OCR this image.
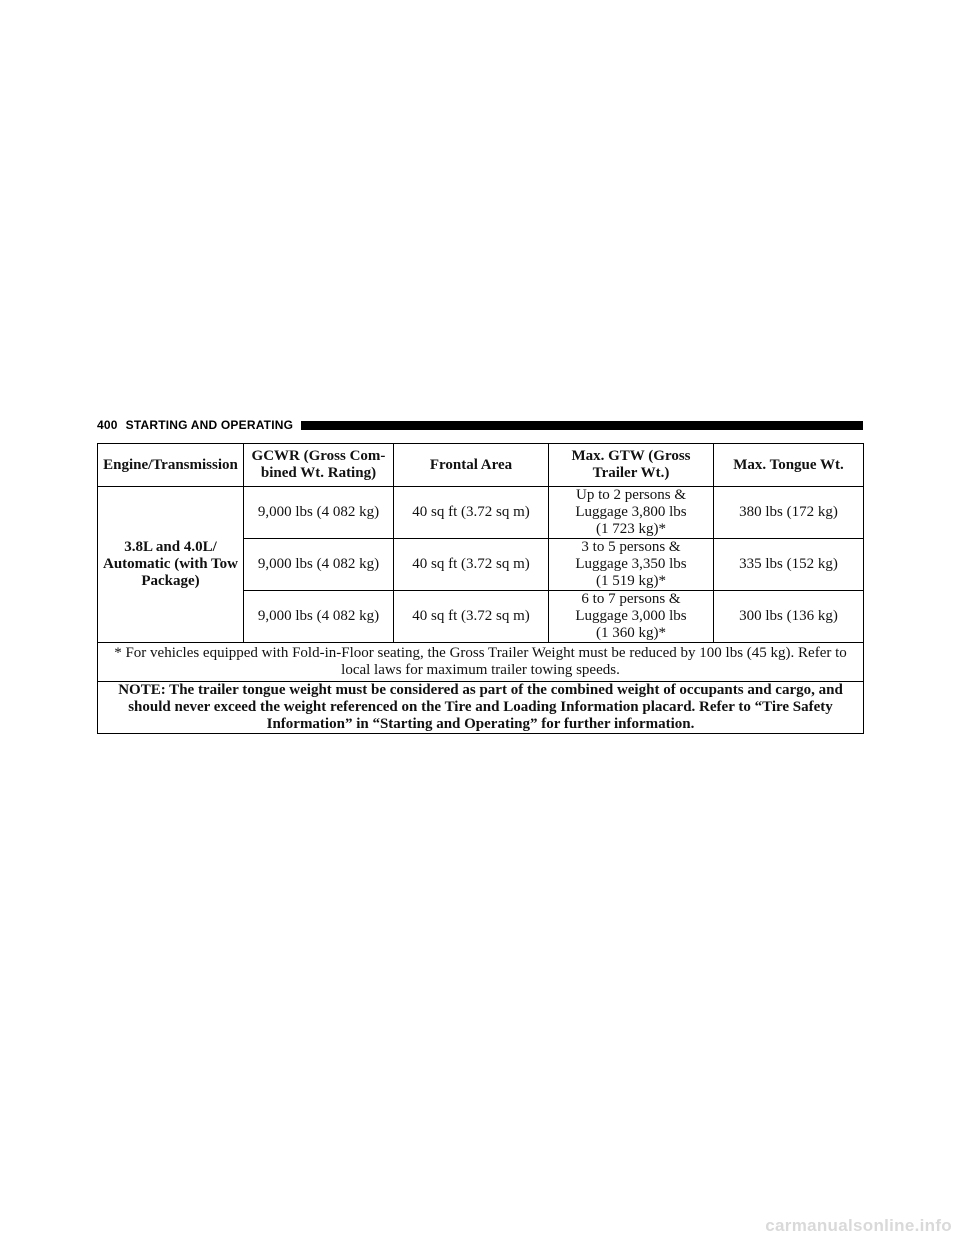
400 STARTING AND OPERATING
Engine/Transmission	GCWR (Gross Com- bined Wt. Rating)	Frontal Area	Max. GTW (Gross Trailer Wt.)	Max. Tongue Wt.
3.8L and 4.0L/ Automatic (with Tow Package)	9,000 lbs (4 082 kg)	40 sq ft (3.72 sq m)	Up to 2 persons &
Luggage 3,800 lbs
(1 723 kg)*	380 lbs (172 kg)
	9,000 lbs (4 082 kg)	40 sq ft (3.72 sq m)	3 to 5 persons &
Luggage 3,350 lbs
(1 519 kg)*	335 lbs (152 kg)
	9,000 lbs (4 082 kg)	40 sq ft (3.72 sq m)	6 to 7 persons &
Luggage 3,000 lbs
(1 360 kg)*	300 lbs (136 kg)
* For vehicles equipped with Fold-in-Floor seating, the Gross Trailer Weight must be reduced by 100 lbs (45 kg). Refer to local laws for maximum trailer towing speeds.				
NOTE: The trailer tongue weight must be considered as part of the combined weight of occupants and cargo, and should never exceed the weight referenced on the Tire and Loading Information placard. Refer to “Tire Safety Information” in “Starting and Operating” for further information.				
carmanualsonline.info
